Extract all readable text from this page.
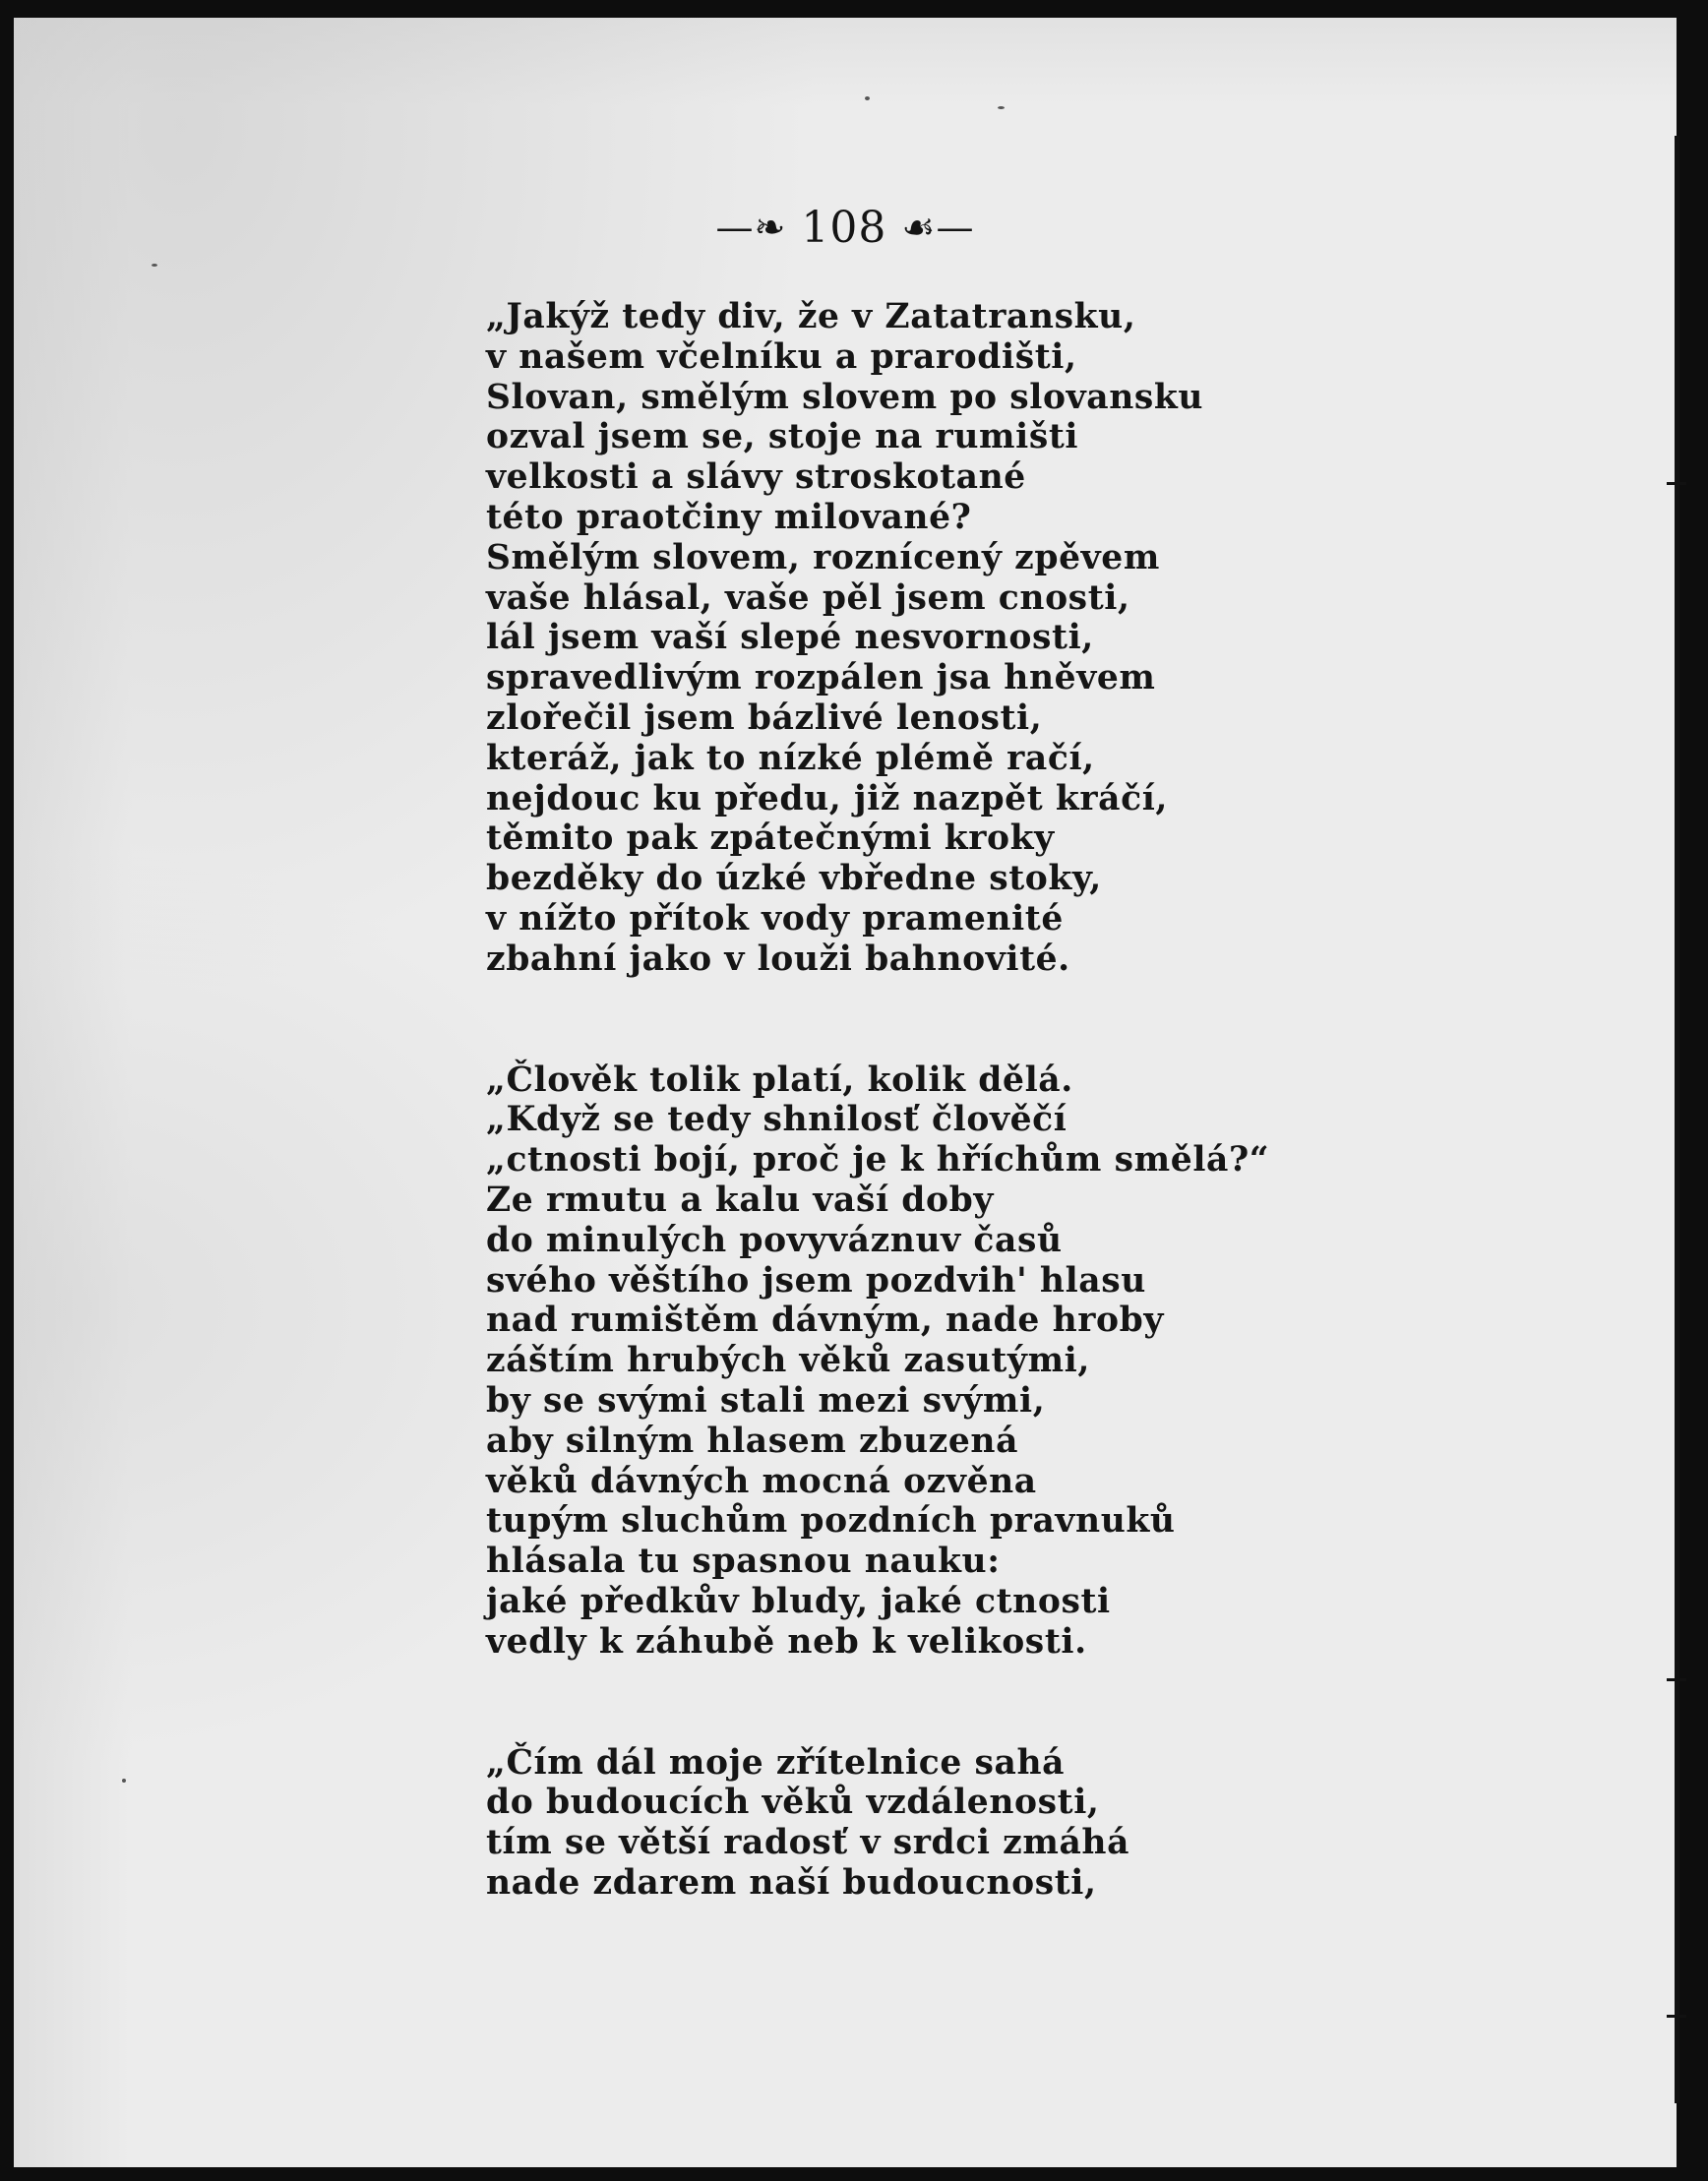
—❧ 108 ☙—
„Jakýž tedy div, že v Zatatransku,
v našem včelníku a prarodišti,
Slovan, smělým slovem po slovansku
ozval jsem se, stoje na rumišti
velkosti a slávy stroskotané
této praotčiny milované?
Smělým slovem, roznícený zpěvem
vaše hlásal, vaše pěl jsem cnosti,
lál jsem vaší slepé nesvornosti,
spravedlivým rozpálen jsa hněvem
zlořečil jsem bázlivé lenosti,
kteráž, jak to nízké plémě račí,
nejdouc ku předu, již nazpět kráčí,
těmito pak zpátečnými kroky
bezděky do úzké vbředne stoky,
v nížto přítok vody pramenité
zbahní jako v louži bahnovité.
„Člověk tolik platí, kolik dělá.
„Když se tedy shnilosť člověčí
„ctnosti bojí, proč je k hříchům smělá?“
Ze rmutu a kalu vaší doby
do minulých povyváznuv časů
svého věštího jsem pozdvih' hlasu
nad rumištěm dávným, nade hroby
záštím hrubých věků zasutými,
by se svými stali mezi svými,
aby silným hlasem zbuzená
věků dávných mocná ozvěna
tupým sluchům pozdních pravnuků
hlásala tu spasnou nauku:
jaké předkův bludy, jaké ctnosti
vedly k záhubě neb k velikosti.
„Čím dál moje zřítelnice sahá
do budoucích věků vzdálenosti,
tím se větší radosť v srdci zmáhá
nade zdarem naší budoucnosti,
